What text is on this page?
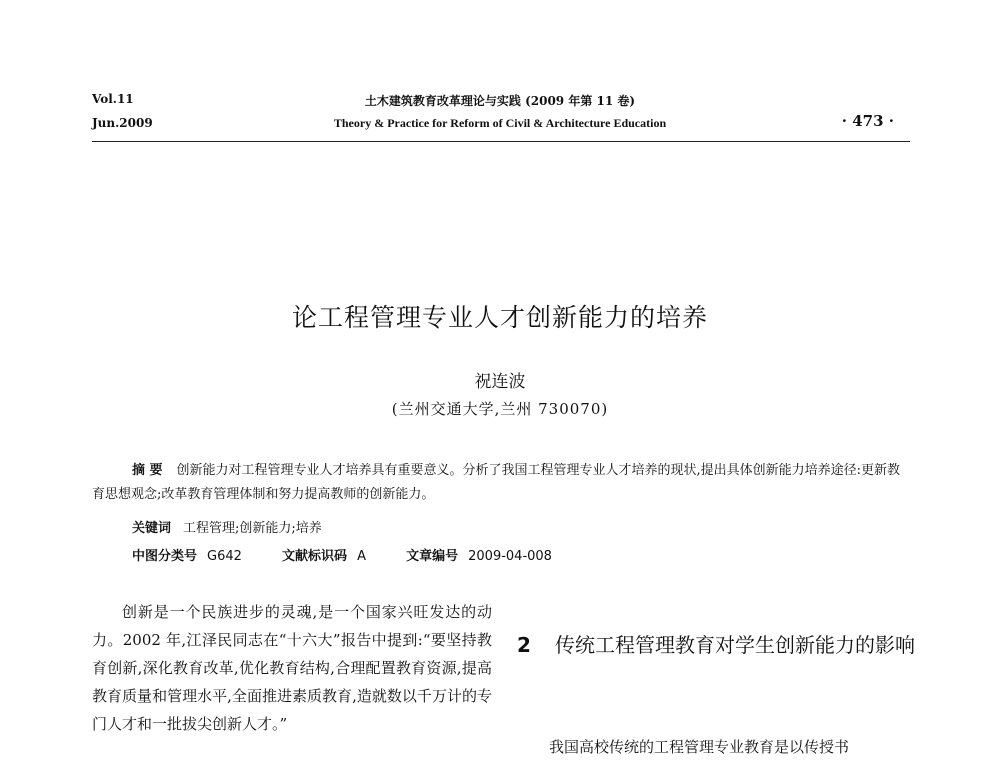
Vol.11
Jun.2009
土木建筑教育改革理论与实践 (2009 年第 11 卷)
Theory & Practice for Reform of Civil & Architecture Education	· 473 ·
论工程管理专业人才创新能力的培养
祝连波
(兰州交通大学,兰州 730070)
摘 要 创新能力对工程管理专业人才培养具有重要意义。分析了我国工程管理专业人才培养的现状,提出具体创新能力培养途径:更新教育思想观念;改革教育管理体制和努力提高教师的创新能力。
关键词 工程管理;创新能力;培养
中图分类号 G642	文献标识码 A	文章编号 2009-04-008

创新是一个民族进步的灵魂,是一个国家兴旺发达的动力。2002 年,江泽民同志在“十六大”报告中提到:“要坚持教育创新,深化教育改革,优化教育结构,合理配置教育资源,提高教育质量和管理水平,全面推进素质教育,造就数以千万计的专门人才和一批拔尖创新人才。”

2 传统工程管理教育对学生创新能力的影响

我国高校传统的工程管理专业教育是以传授书
